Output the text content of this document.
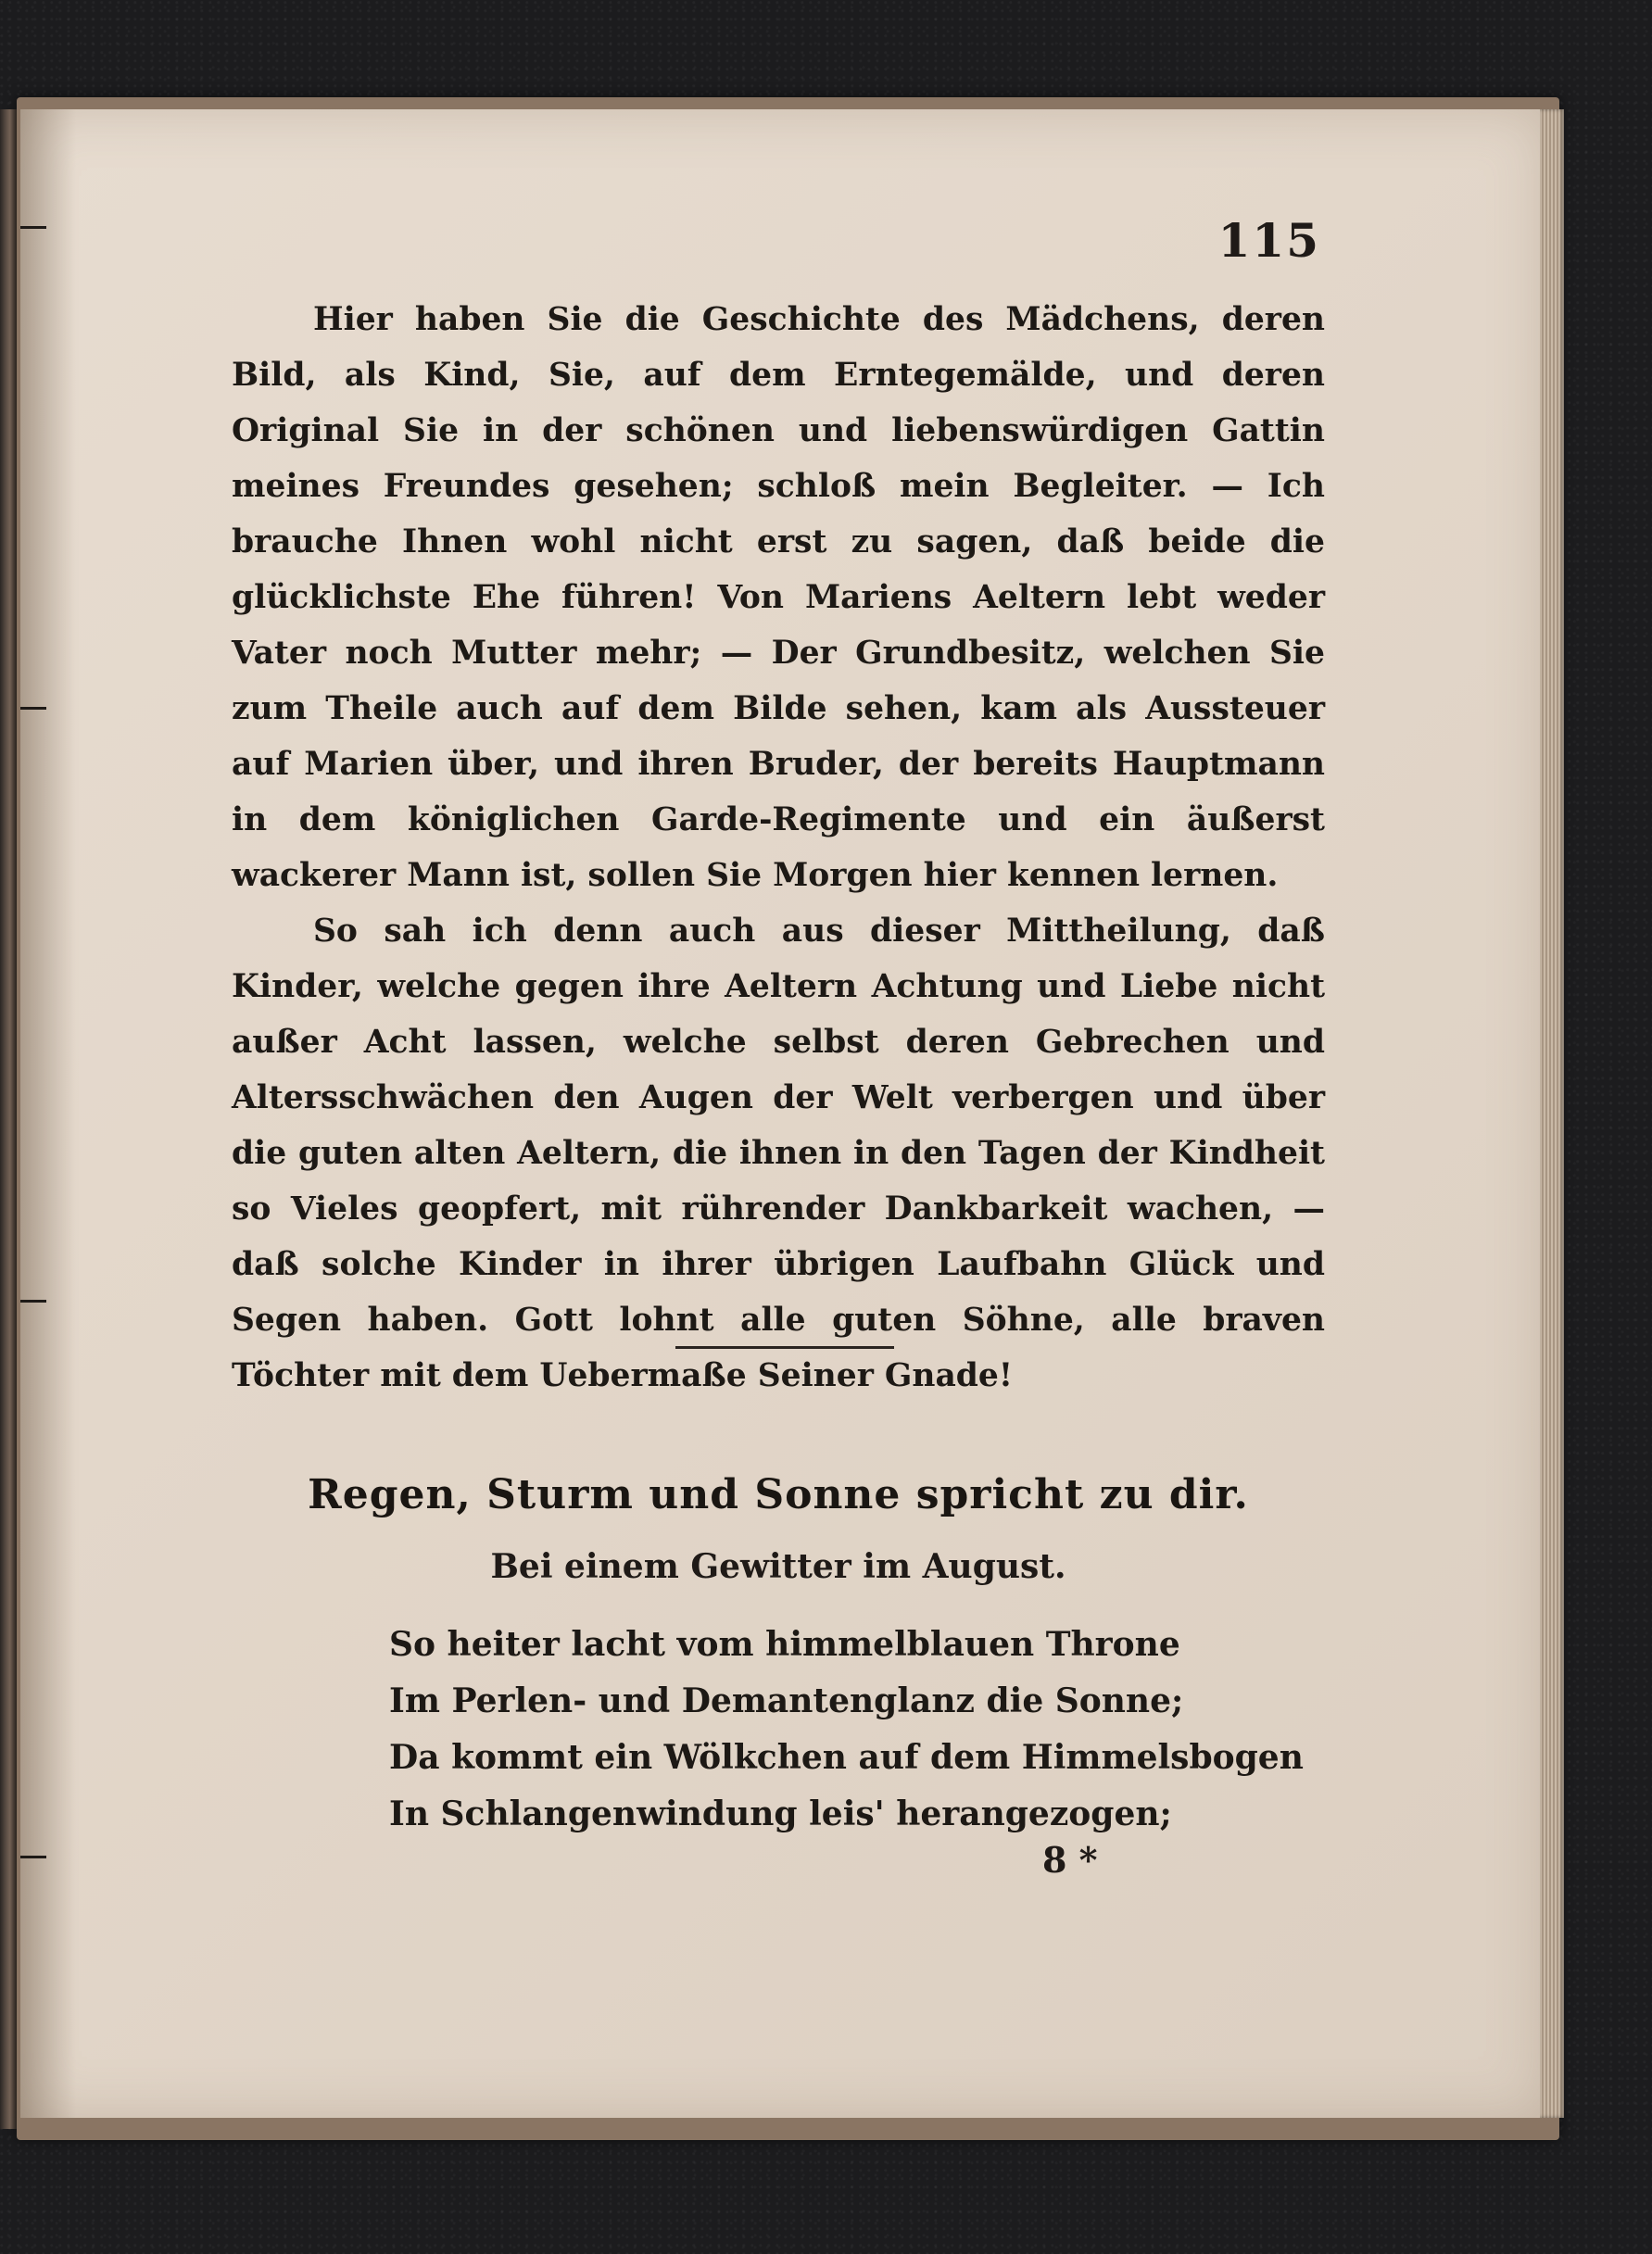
115

Hier haben Sie die Geschichte des Mädchens, deren Bild, als Kind, Sie, auf dem Erntegemälde, und deren Original Sie in der schönen und liebenswürdigen Gattin meines Freundes gesehen; schloß mein Begleiter. — Ich brauche Ihnen wohl nicht erst zu sagen, daß beide die glücklichste Ehe führen! Von Mariens Aeltern lebt weder Vater noch Mutter mehr; — Der Grundbesitz, welchen Sie zum Theile auch auf dem Bilde sehen, kam als Aussteuer auf Marien über, und ihren Bruder, der bereits Hauptmann in dem königlichen Garde-Regimente und ein äußerst wackerer Mann ist, sollen Sie Morgen hier kennen lernen.

So sah ich denn auch aus dieser Mittheilung, daß Kinder, welche gegen ihre Aeltern Achtung und Liebe nicht außer Acht lassen, welche selbst deren Gebrechen und Altersschwächen den Augen der Welt verbergen und über die guten alten Aeltern, die ihnen in den Tagen der Kindheit so Vieles geopfert, mit rührender Dankbarkeit wachen, — daß solche Kinder in ihrer übrigen Laufbahn Glück und Segen haben. Gott lohnt alle guten Söhne, alle braven Töchter mit dem Uebermaße Seiner Gnade!

Regen, Sturm und Sonne spricht zu dir.
Bei einem Gewitter im August.
So heiter lacht vom himmelblauen Throne
Im Perlen- und Demantenglanz die Sonne;
Da kommt ein Wölkchen auf dem Himmelsbogen
In Schlangenwindung leis' herangezogen;
8 *
